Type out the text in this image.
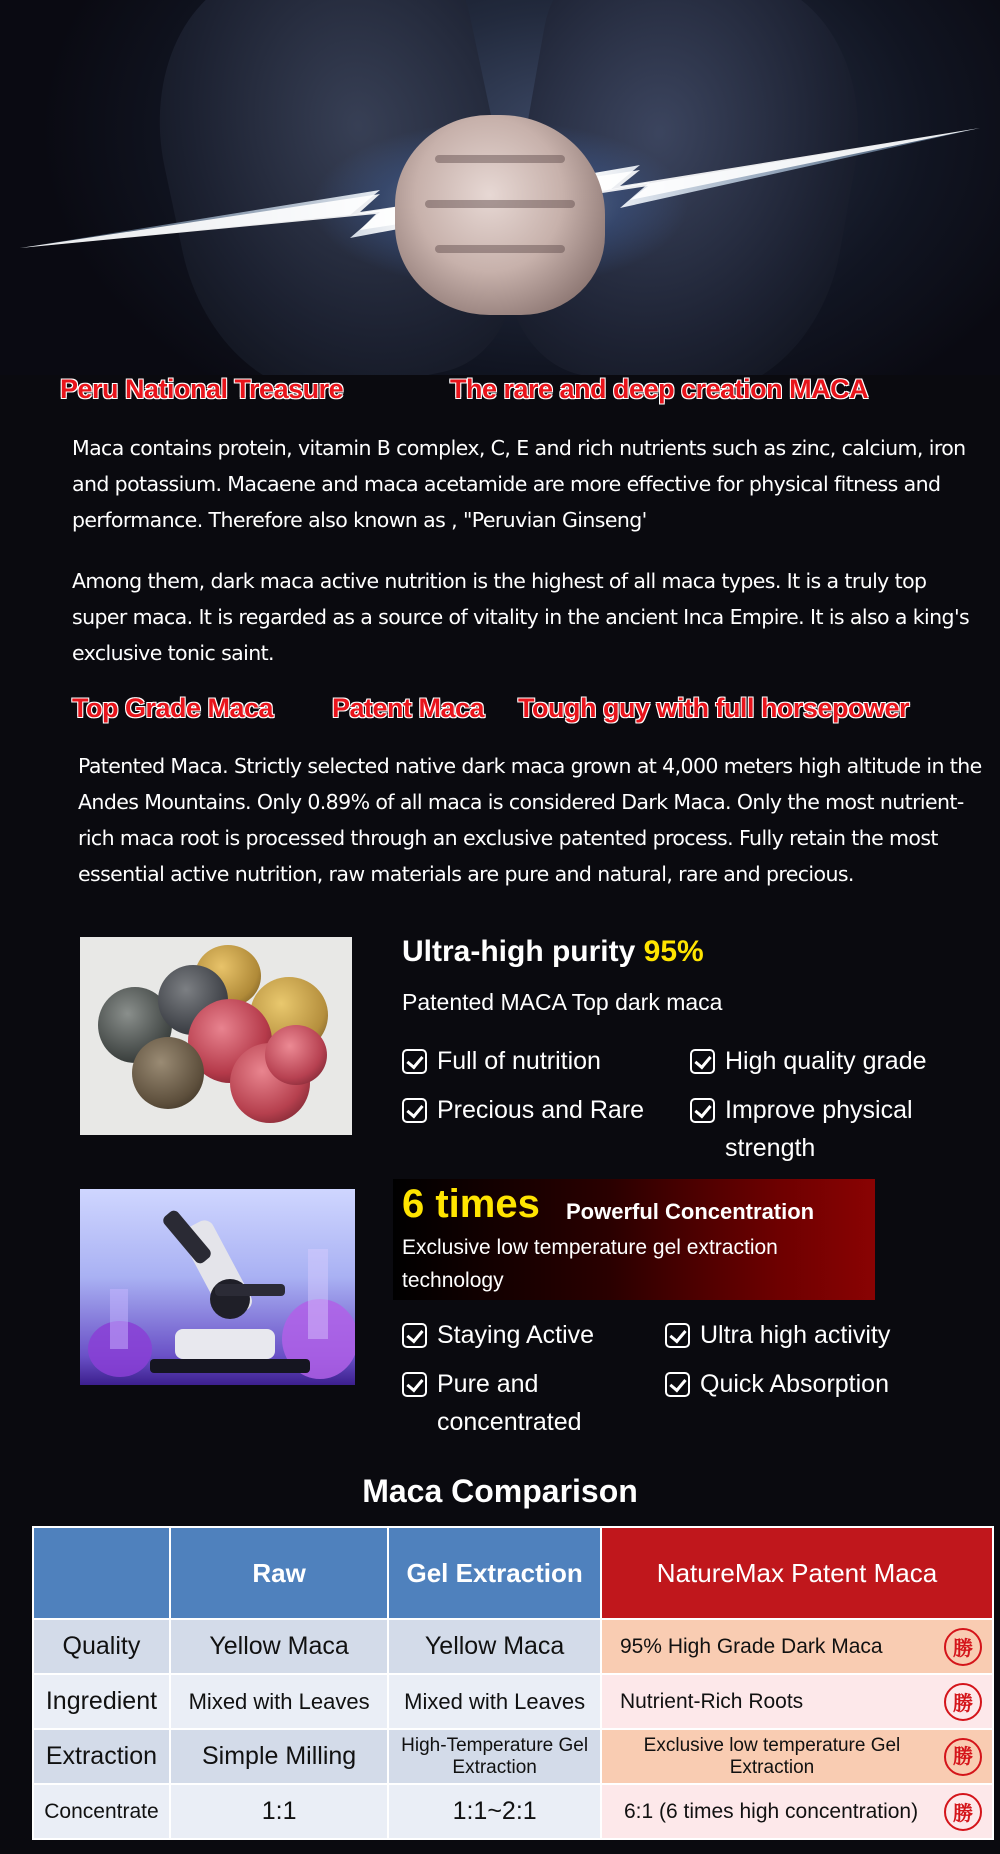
Peru National Treasure	The rare and deep creation MACA
Maca contains protein, vitamin B complex, C, E and rich nutrients such as zinc, calcium, iron and potassium. Macaene and maca acetamide are more effective for physical fitness and performance. Therefore also known as , "Peruvian Ginseng'
Among them, dark maca active nutrition is the highest of all maca types. It is a truly top super maca. It is regarded as a source of vitality in the ancient Inca Empire. It is also a king's exclusive tonic saint.
Top Grade Maca Patent Maca Tough guy with full horsepower
Patented Maca. Strictly selected native dark maca grown at 4,000 meters high altitude in the Andes Mountains. Only 0.89% of all maca is considered Dark Maca. Only the most nutrient-rich maca root is processed through an exclusive patented process. Fully retain the most essential active nutrition, raw materials are pure and natural, rare and precious.
Ultra-high purity 95%
Patented MACA Top dark maca
Full of nutrition	High quality grade
Precious and Rare	Improve physical strength
6 times Powerful Concentration
Exclusive low temperature gel extraction technology
Staying Active	Ultra high activity
Pure and concentrated
Quick Absorption
Maca Comparison
	Raw	Gel Extraction	NatureMax Patent Maca
Quality	Yellow Maca	Yellow Maca	95% High Grade Dark Maca 勝

Ingredient	Mixed with Leaves	Mixed with Leaves	Nutrient-Rich Roots 勝

Extraction	Simple Milling	High-Temperature Gel Extraction	Exclusive low temperature Gel Extraction 勝

Concentrate	1:1	1:1~2:1	6:1 (6 times high concentration) 勝
